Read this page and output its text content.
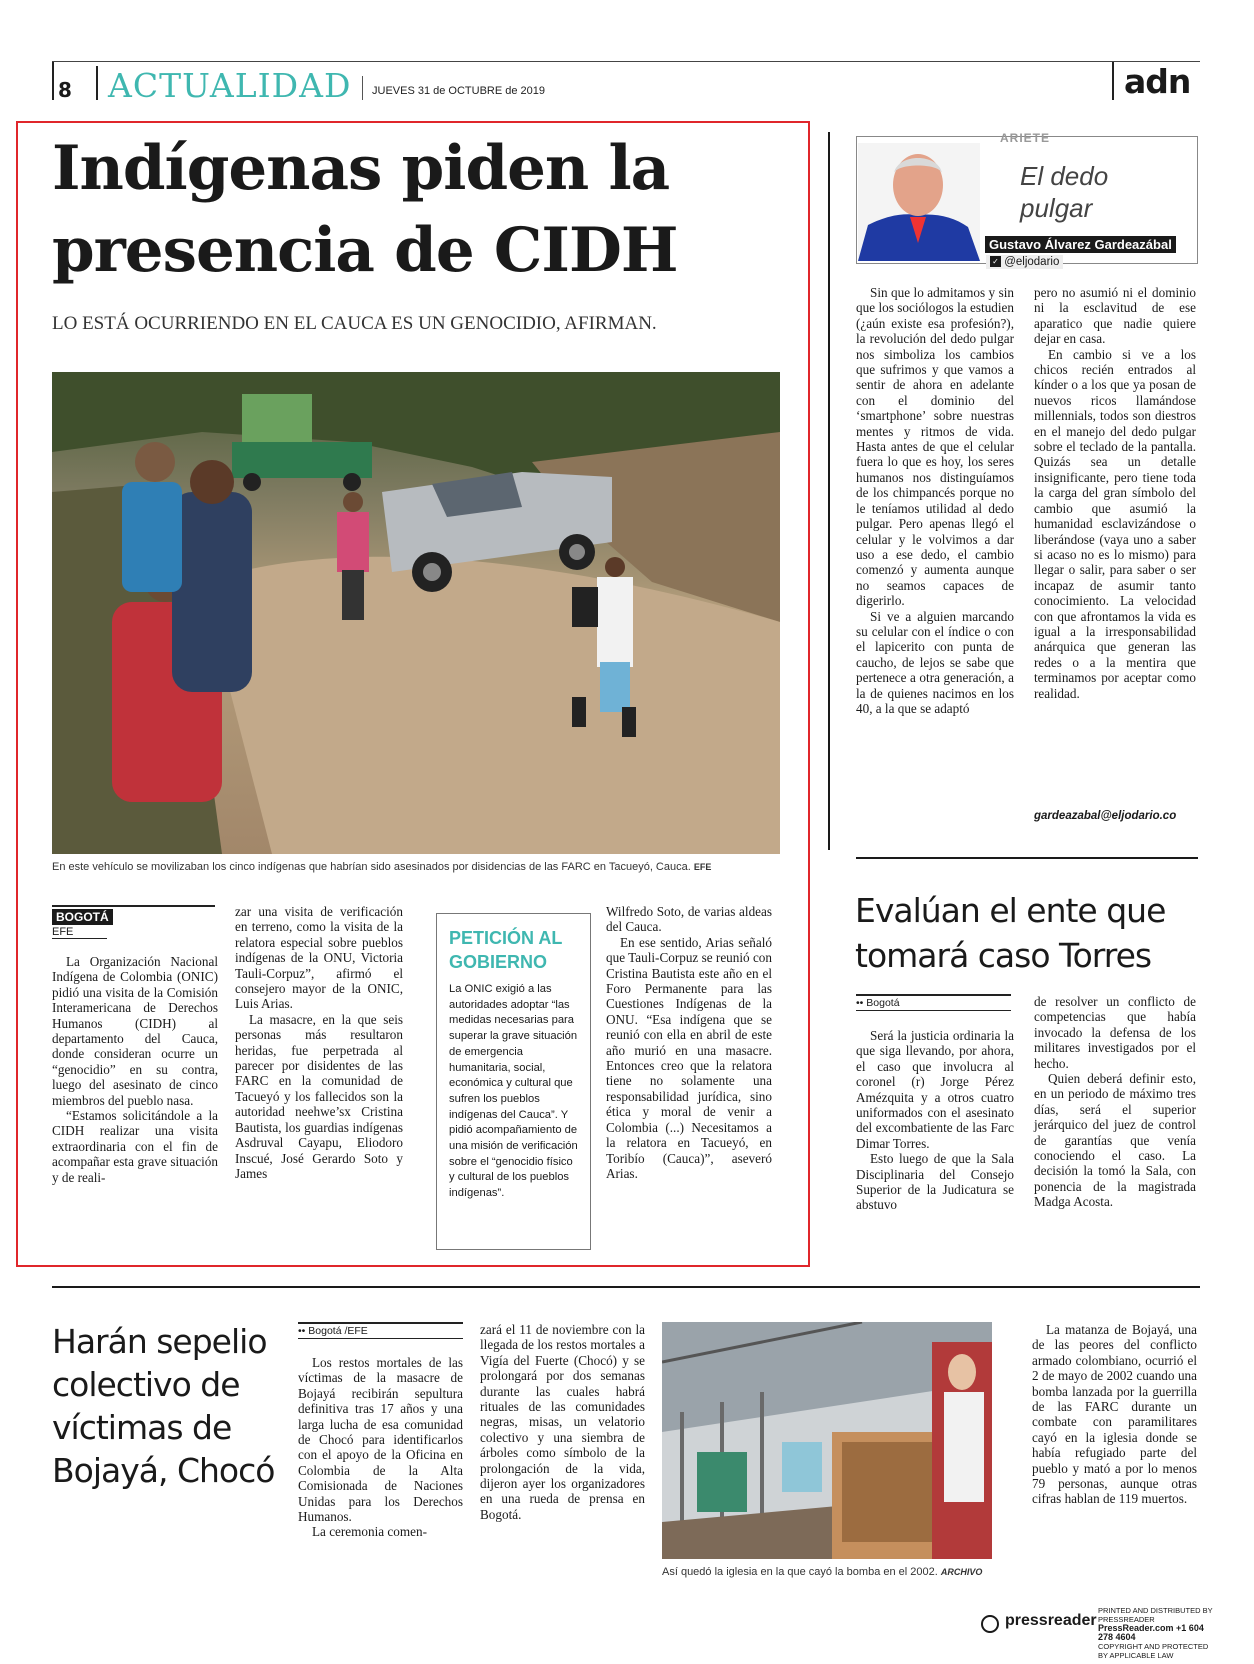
8 ACTUALIDAD JUEVES 31 de OCTUBRE de 2019	adn
Indígenas piden la
presencia de CIDH
LO ESTÁ OCURRIENDO EN EL CAUCA ES UN GENOCIDIO, AFIRMAN.
En este vehículo se movilizaban los cinco indígenas que habrían sido asesinados por disidencias de las FARC en Tacueyó, Cauca. EFE
BOGOTÁ
EFE

La Organización Nacional Indígena de Colombia (ONIC) pidió una visita de la Comisión Interamericana de Derechos Humanos (CIDH) al departamento del Cauca, donde consideran ocurre un “genocidio” en su contra, luego del asesinato de cinco miembros del pueblo nasa.

“Estamos solicitándole a la CIDH realizar una visita extraordinaria con el fin de acompañar esta grave situación y de reali-

zar una visita de verificación en terreno, como la visita de la relatora especial sobre pueblos indígenas de la ONU, Victoria Tauli-Corpuz”, afirmó el consejero mayor de la ONIC, Luis Arias.

La masacre, en la que seis personas más resultaron heridas, fue perpetrada al parecer por disidentes de las FARC en la comunidad de Tacueyó y los fallecidos son la autoridad neehwe’sx Cristina Bautista, los guardias indígenas Asdruval Cayapu, Eliodoro Inscué, José Gerardo Soto y James

PETICIÓN AL
GOBIERNO
La ONIC exigió a las autoridades adoptar “las medidas necesarias para superar la grave situación de emergencia humanitaria, social, económica y cultural que sufren los pueblos indígenas del Cauca”. Y pidió acompañamiento de una misión de verificación sobre el “genocidio físico y cultural de los pueblos indígenas”.

Wilfredo Soto, de varias aldeas del Cauca.

En ese sentido, Arias señaló que Tauli-Corpuz se reunió con Cristina Bautista este año en el Foro Permanente para las Cuestiones Indígenas de la ONU. “Esa indígena que se reunió con ella en abril de este año murió en una masacre. Entonces creo que la relatora tiene no solamente una responsabilidad jurídica, sino ética y moral de venir a Colombia (...) Necesitamos a la relatora en Tacueyó, en Toribío (Cauca)”, aseveró Arias.

ARIETE
El dedo
pulgar
Gustavo Álvarez Gardeazábal
✓ @eljodario

Sin que lo admitamos y sin que los sociólogos la estudien (¿aún existe esa profesión?), la revolución del dedo pulgar nos simboliza los cambios que sufrimos y que vamos a sentir de ahora en adelante con el dominio del ‘smartphone’ sobre nuestras mentes y ritmos de vida. Hasta antes de que el celular fuera lo que es hoy, los seres humanos nos distinguíamos de los chimpancés porque no le teníamos utilidad al dedo pulgar. Pero apenas llegó el celular y le volvimos a dar uso a ese dedo, el cambio comenzó y aumenta aunque no seamos capaces de digerirlo.

Si ve a alguien marcando su celular con el índice o con el lapicerito con punta de caucho, de lejos se sabe que pertenece a otra generación, a la de quienes nacimos en los 40, a la que se adaptó

pero no asumió ni el dominio ni la esclavitud de ese aparatico que nadie quiere dejar en casa.

En cambio si ve a los chicos recién entrados al kínder o a los que ya posan de nuevos ricos llamándose millennials, todos son diestros en el manejo del dedo pulgar sobre el teclado de la pantalla. Quizás sea un detalle insignificante, pero tiene toda la carga del gran símbolo del cambio que asumió la humanidad esclavizándose o liberándose (vaya uno a saber si acaso no es lo mismo) para llegar o salir, para saber o ser incapaz de asumir tanto conocimiento. La velocidad con que afrontamos la vida es igual a la irresponsabilidad anárquica que generan las redes o a la mentira que terminamos por aceptar como realidad.

gardeazabal@eljodario.co
Evalúan el ente que
tomará caso Torres
•• Bogotá

Será la justicia ordinaria la que siga llevando, por ahora, el caso que involucra al coronel (r) Jorge Pérez Amézquita y a otros cuatro uniformados con el asesinato del excombatiente de las Farc Dimar Torres.

Esto luego de que la Sala Disciplinaria del Consejo Superior de la Judicatura se abstuvo

de resolver un conflicto de competencias que había invocado la defensa de los militares investigados por el hecho.

Quien deberá definir esto, en un periodo de máximo tres días, será el superior jerárquico del juez de control de garantías que venía conociendo el caso. La decisión la tomó la Sala, con ponencia de la magistrada Madga Acosta.

Harán sepelio
colectivo de
víctimas de
Bojayá, Chocó
•• Bogotá /EFE

Los restos mortales de las víctimas de la masacre de Bojayá recibirán sepultura definitiva tras 17 años y una larga lucha de esa comunidad de Chocó para identificarlos con el apoyo de la Oficina en Colombia de la Alta Comisionada de Naciones Unidas para los Derechos Humanos.

La ceremonia comen-

zará el 11 de noviembre con la llegada de los restos mortales a Vigía del Fuerte (Chocó) y se prolongará por dos semanas durante las cuales habrá rituales de las comunidades negras, misas, un velatorio colectivo y una siembra de árboles como símbolo de la prolongación de la vida, dijeron ayer los organizadores en una rueda de prensa en Bogotá.

Así quedó la iglesia en la que cayó la bomba en el 2002. ARCHIVO

La matanza de Bojayá, una de las peores del conflicto armado colombiano, ocurrió el 2 de mayo de 2002 cuando una bomba lanzada por la guerrilla de las FARC durante un combate con paramilitares cayó en la iglesia donde se había refugiado parte del pueblo y mató a por lo menos 79 personas, aunque otras cifras hablan de 119 muertos.

pressreader
PRINTED AND DISTRIBUTED BY PRESSREADER
PressReader.com +1 604 278 4604
COPYRIGHT AND PROTECTED BY APPLICABLE LAW
